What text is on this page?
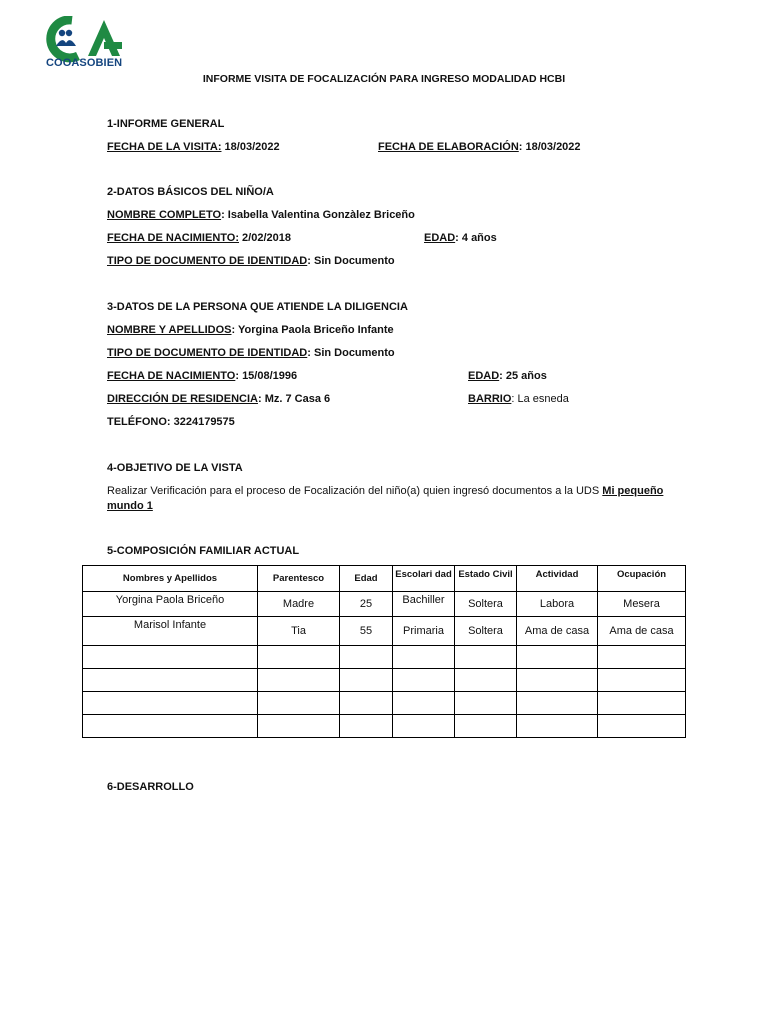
COOASOBIEN
INFORME VISITA DE FOCALIZACIÓN PARA INGRESO MODALIDAD HCBI
1-INFORME GENERAL
FECHA DE LA VISITA: 18/03/2022	FECHA DE ELABORACIÓN: 18/03/2022
2-DATOS BÁSICOS DEL NIÑO/A
NOMBRE COMPLETO: Isabella Valentina Gonzàlez Briceño
FECHA DE NACIMIENTO: 2/02/2018	EDAD: 4 años
TIPO DE DOCUMENTO DE IDENTIDAD: Sin Documento
3-DATOS DE LA PERSONA QUE ATIENDE LA DILIGENCIA
NOMBRE Y APELLIDOS: Yorgina Paola Briceño Infante
TIPO DE DOCUMENTO DE IDENTIDAD: Sin Documento
FECHA DE NACIMIENTO: 15/08/1996	EDAD: 25 años
DIRECCIÓN DE RESIDENCIA: Mz. 7 Casa 6	BARRIO: La esneda
TELÉFONO: 3224179575
4-OBJETIVO DE LA VISTA
Realizar Verificación para el proceso de Focalización del niño(a) quien ingresó documentos a la UDS Mi pequeño mundo 1
5-COMPOSICIÓN FAMILIAR ACTUAL
Nombres y Apellidos	Parentesco	Edad	Escolari dad	Estado Civil	Actividad	Ocupación
Yorgina Paola Briceño	Madre	25	Bachiller	Soltera	Labora	Mesera
Marisol Infante	Tia	55	Primaria	Soltera	Ama de casa	Ama de casa

6-DESARROLLO
